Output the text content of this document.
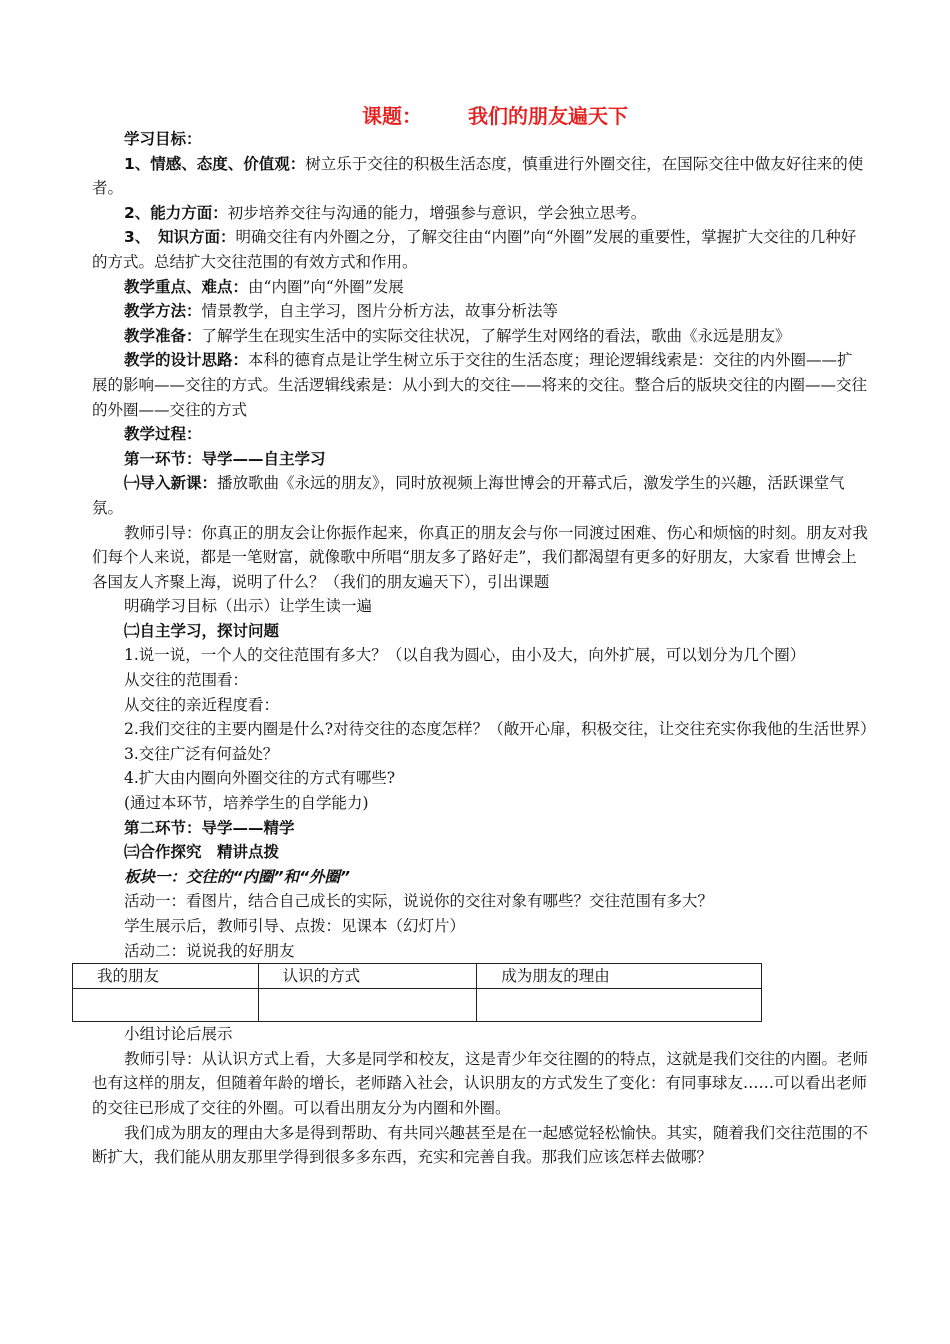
课题： 我们的朋友遍天下

学习目标：

1、情感、态度、价值观：树立乐于交往的积极生活态度，慎重进行外圈交往，在国际交往中做友好往来的使者。

2、能力方面：初步培养交往与沟通的能力，增强参与意识，学会独立思考。

3、　知识方面：明确交往有内外圈之分，了解交往由“内圈”向“外圈”发展的重要性，掌握扩大交往的几种好的方式。总结扩大交往范围的有效方式和作用。

教学重点、难点：由“内圈”向“外圈”发展

教学方法：情景教学，自主学习，图片分析方法，故事分析法等

教学准备：了解学生在现实生活中的实际交往状况，了解学生对网络的看法，歌曲《永远是朋友》

教学的设计思路：本科的德育点是让学生树立乐于交往的生活态度；理论逻辑线索是：交往的内外圈——扩展的影响——交往的方式。生活逻辑线索是：从小到大的交往——将来的交往。整合后的版块交往的内圈——交往的外圈——交往的方式

教学过程：

第一环节：导学——自主学习

㈠导入新课：播放歌曲《永远的朋友》，同时放视频上海世博会的开幕式后，激发学生的兴趣，活跃课堂气氛。

教师引导：你真正的朋友会让你振作起来，你真正的朋友会与你一同渡过困难、伤心和烦恼的时刻。朋友对我们每个人来说，都是一笔财富，就像歌中所唱“朋友多了路好走”，我们都渴望有更多的好朋友，大家看 世博会上各国友人齐聚上海，说明了什么？（我们的朋友遍天下），引出课题

明确学习目标（出示）让学生读一遍

㈡自主学习，探讨问题

1.说一说，一个人的交往范围有多大？（以自我为圆心，由小及大，向外扩展，可以划分为几个圈）

从交往的范围看：

从交往的亲近程度看：

2.我们交往的主要内圈是什么?对待交往的态度怎样？（敞开心扉，积极交往，让交往充实你我他的生活世界）

3.交往广泛有何益处？

4.扩大由内圈向外圈交往的方式有哪些?

(通过本环节，培养学生的自学能力)

第二环节：导学——精学

㈢合作探究　精讲点拨

板块一：交往的“内圈”和“外圈”

活动一：看图片，结合自己成长的实际，说说你的交往对象有哪些？交往范围有多大？

学生展示后，教师引导、点拨：见课本（幻灯片）

活动二：说说我的好朋友

我的朋友	认识的方式	成为朋友的理由

小组讨论后展示

教师引导：从认识方式上看，大多是同学和校友，这是青少年交往圈的的特点，这就是我们交往的内圈。老师也有这样的朋友，但随着年龄的增长，老师踏入社会，认识朋友的方式发生了变化：有同事球友……可以看出老师的交往已形成了交往的外圈。可以看出朋友分为内圈和外圈。

我们成为朋友的理由大多是得到帮助、有共同兴趣甚至是在一起感觉轻松愉快。其实，随着我们交往范围的不断扩大，我们能从朋友那里学得到很多多东西，充实和完善自我。那我们应该怎样去做哪？
